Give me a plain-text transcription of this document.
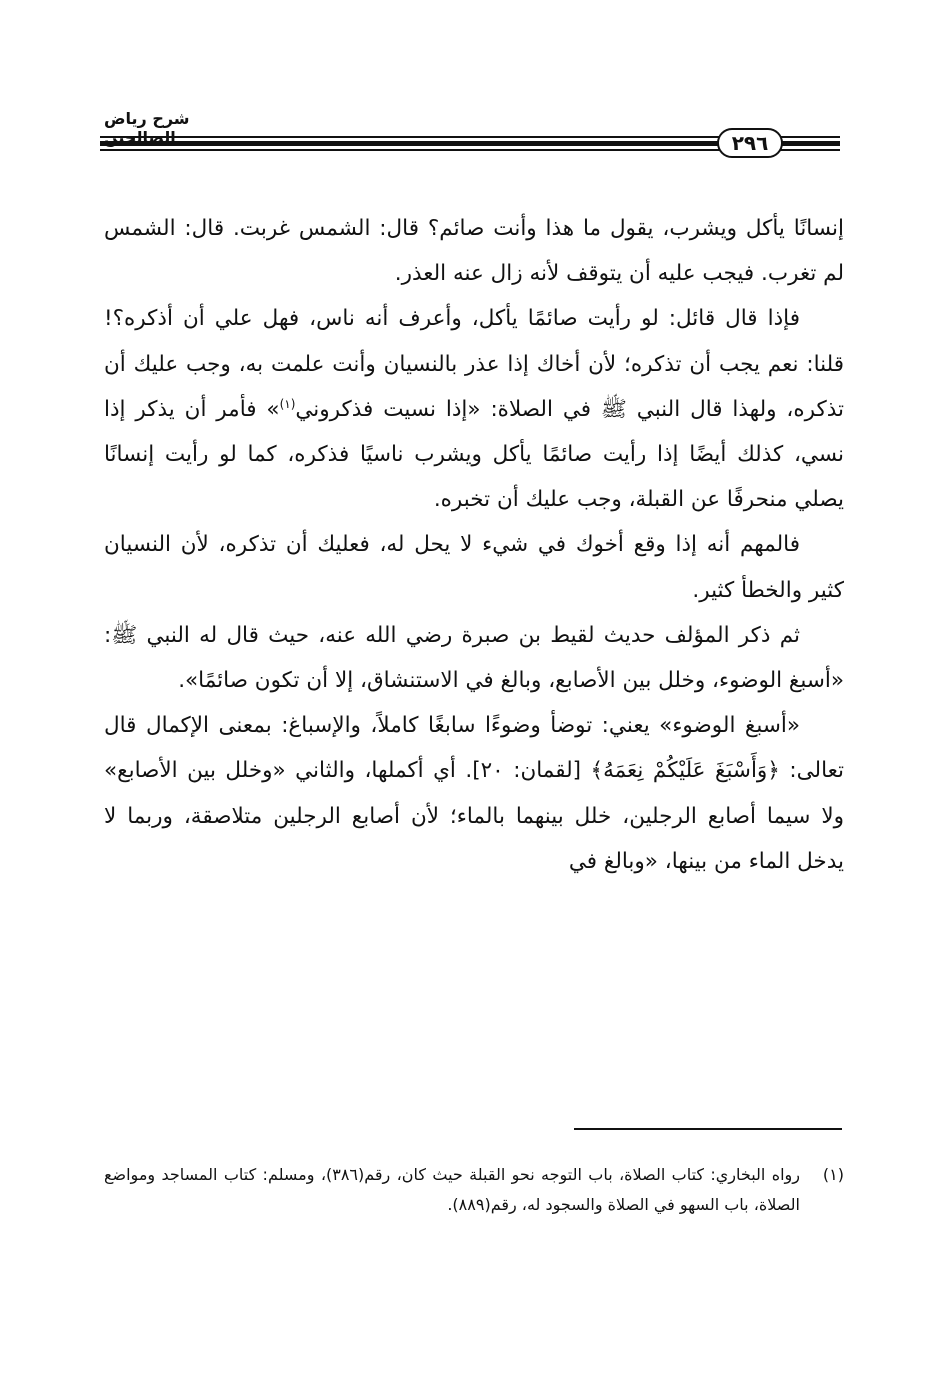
شرح رياض
٢٩٦

إنسانًا يأكل ويشرب، يقول ما هذا وأنت صائم؟ قال: الشمس غربت. قال: الشمس لم تغرب. فيجب عليه أن يتوقف لأنه زال عنه العذر.

فإذا قال قائل: لو رأيت صائمًا يأكل، وأعرف أنه ناس، فهل علي أن أذكره؟! قلنا: نعم يجب أن تذكره؛ لأن أخاك إذا عذر بالنسيان وأنت علمت به، وجب عليك أن تذكره، ولهذا قال النبي ﷺ في الصلاة: «إذا نسيت فذكروني$^{(١)}$» فأمر أن يذكر إذا نسي، كذلك أيضًا إذا رأيت صائمًا يأكل ويشرب ناسيًا فذكره، كما لو رأيت إنسانًا يصلي منحرفًا عن القبلة، وجب عليك أن تخبره.

فالمهم أنه إذا وقع أخوك في شيء لا يحل له، فعليك أن تذكره، لأن النسيان كثير والخطأ كثير.

ثم ذكر المؤلف حديث لقيط بن صبرة رضي الله عنه، حيث قال له النبي ﷺ: «أسبغ الوضوء، وخلل بين الأصابع، وبالغ في الاستنشاق، إلا أن تكون صائمًا».

«أسبغ الوضوء» يعني: توضأ وضوءًا سابغًا كاملاً، والإسباغ: بمعنى الإكمال قال تعالى: ﴿وَأَسْبَغَ عَلَيْكُمْ نِعَمَهُ﴾ [لقمان: ٢٠]. أي أكملها، والثاني «وخلل بين الأصابع» ولا سيما أصابع الرجلين، خلل بينهما بالماء؛ لأن أصابع الرجلين متلاصقة، وربما لا يدخل الماء من بينها، «وبالغ في

(١)
رواه البخاري: كتاب الصلاة، باب التوجه نحو القبلة حيث كان، رقم(٣٨٦)، ومسلم: كتاب المساجد ومواضع الصلاة، باب السهو في الصلاة والسجود له، رقم(٨٨٩).
